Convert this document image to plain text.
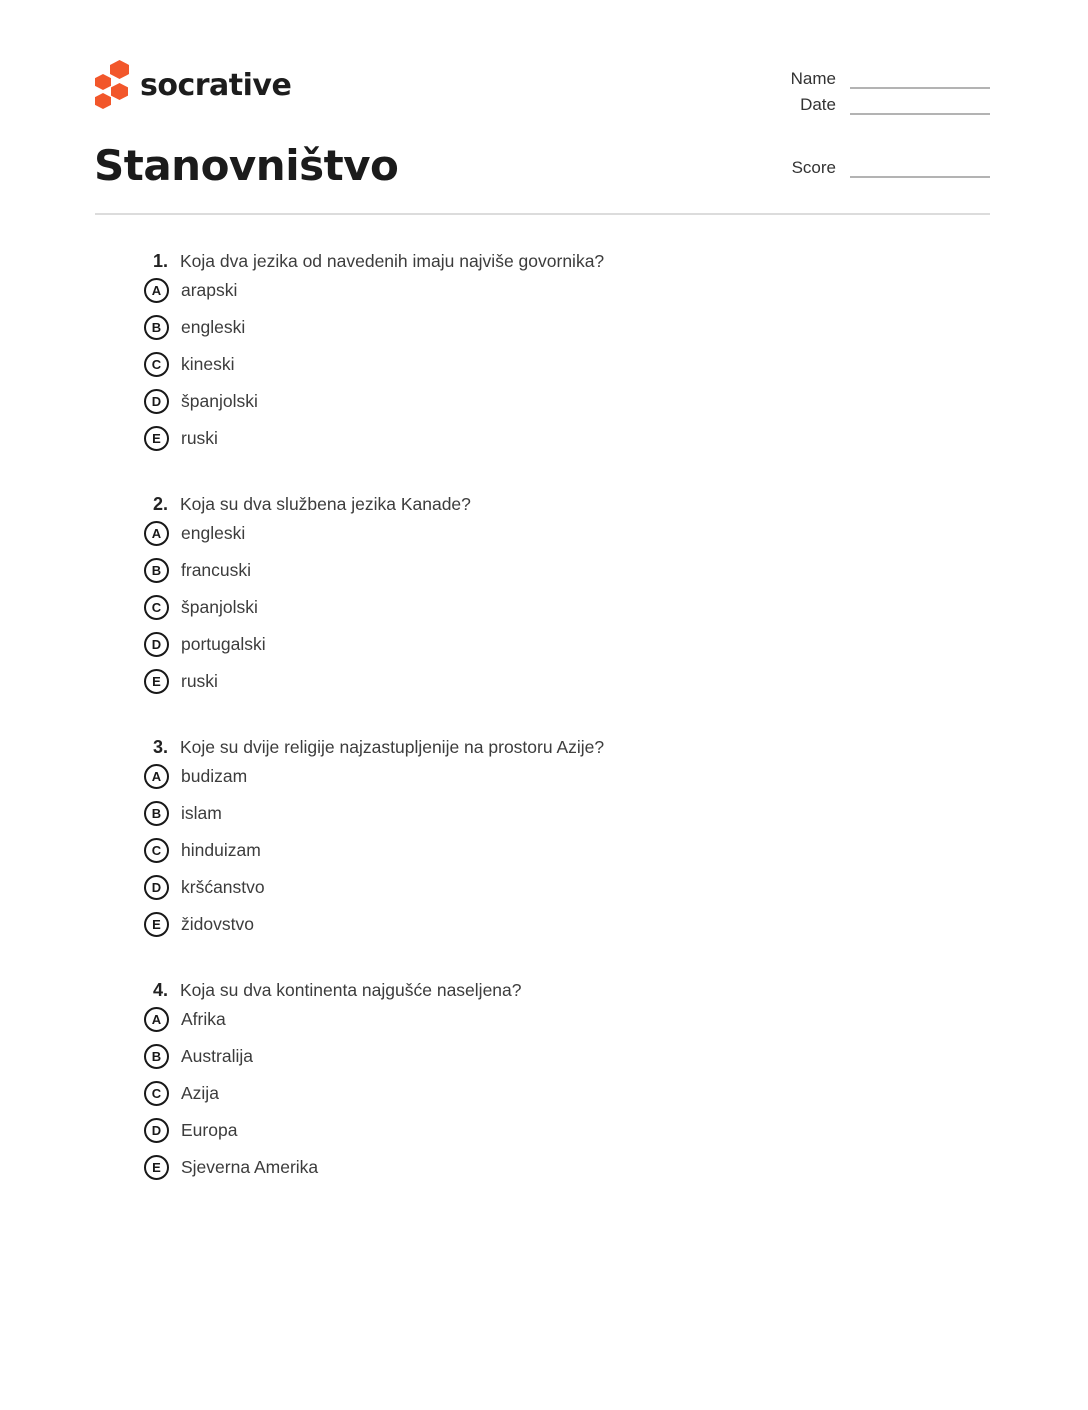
socrative	Name
Date
Score
Stanovništvo
1. Koja dva jezika od navedenih imaju najviše govornika?
A	arapski
B	engleski
C	kineski
D	španjolski
E	ruski
2. Koja su dva službena jezika Kanade?
A	engleski
B	francuski
C	španjolski
D	portugalski
E	ruski
3. Koje su dvije religije najzastupljenije na prostoru Azije?
A	budizam
B	islam
C	hinduizam
D	kršćanstvo
E	židovstvo
4. Koja su dva kontinenta najgušće naseljena?
A	Afrika
B	Australija
C	Azija
D	Europa
E	Sjeverna Amerika
